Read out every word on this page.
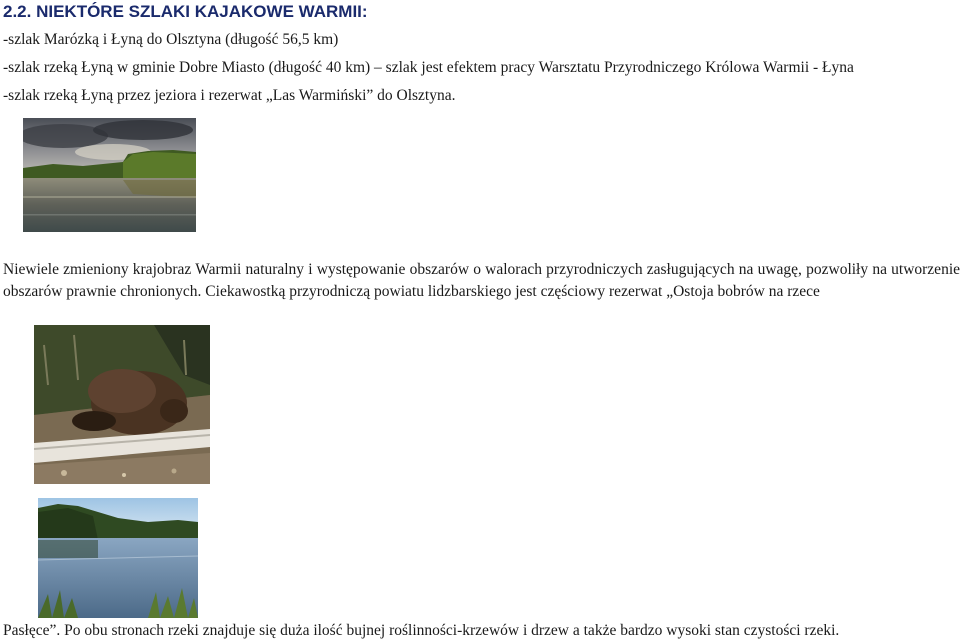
2.2. NIEKTÓRE SZLAKI KAJAKOWE WARMII:
-szlak Marózką i Łyną do Olsztyna (długość 56,5 km)
-szlak rzeką Łyną w gminie Dobre Miasto (długość 40 km) – szlak jest efektem pracy Warsztatu Przyrodniczego Królowa Warmii - Łyna
-szlak rzeką Łyną przez jeziora i rezerwat „Las Warmiński” do Olsztyna.

Niewiele zmieniony krajobraz Warmii naturalny i występowanie obszarów o walorach przyrodniczych zasługujących na uwagę, pozwoliły na utworzenie obszarów prawnie chronionych. Ciekawostką przyrodniczą powiatu lidzbarskiego jest częściowy rezerwat „Ostoja bobrów na rzece

Pasłęce”. Po obu stronach rzeki znajduje się duża ilość bujnej roślinności-krzewów i drzew a także bardzo wysoki stan czystości rzeki.
